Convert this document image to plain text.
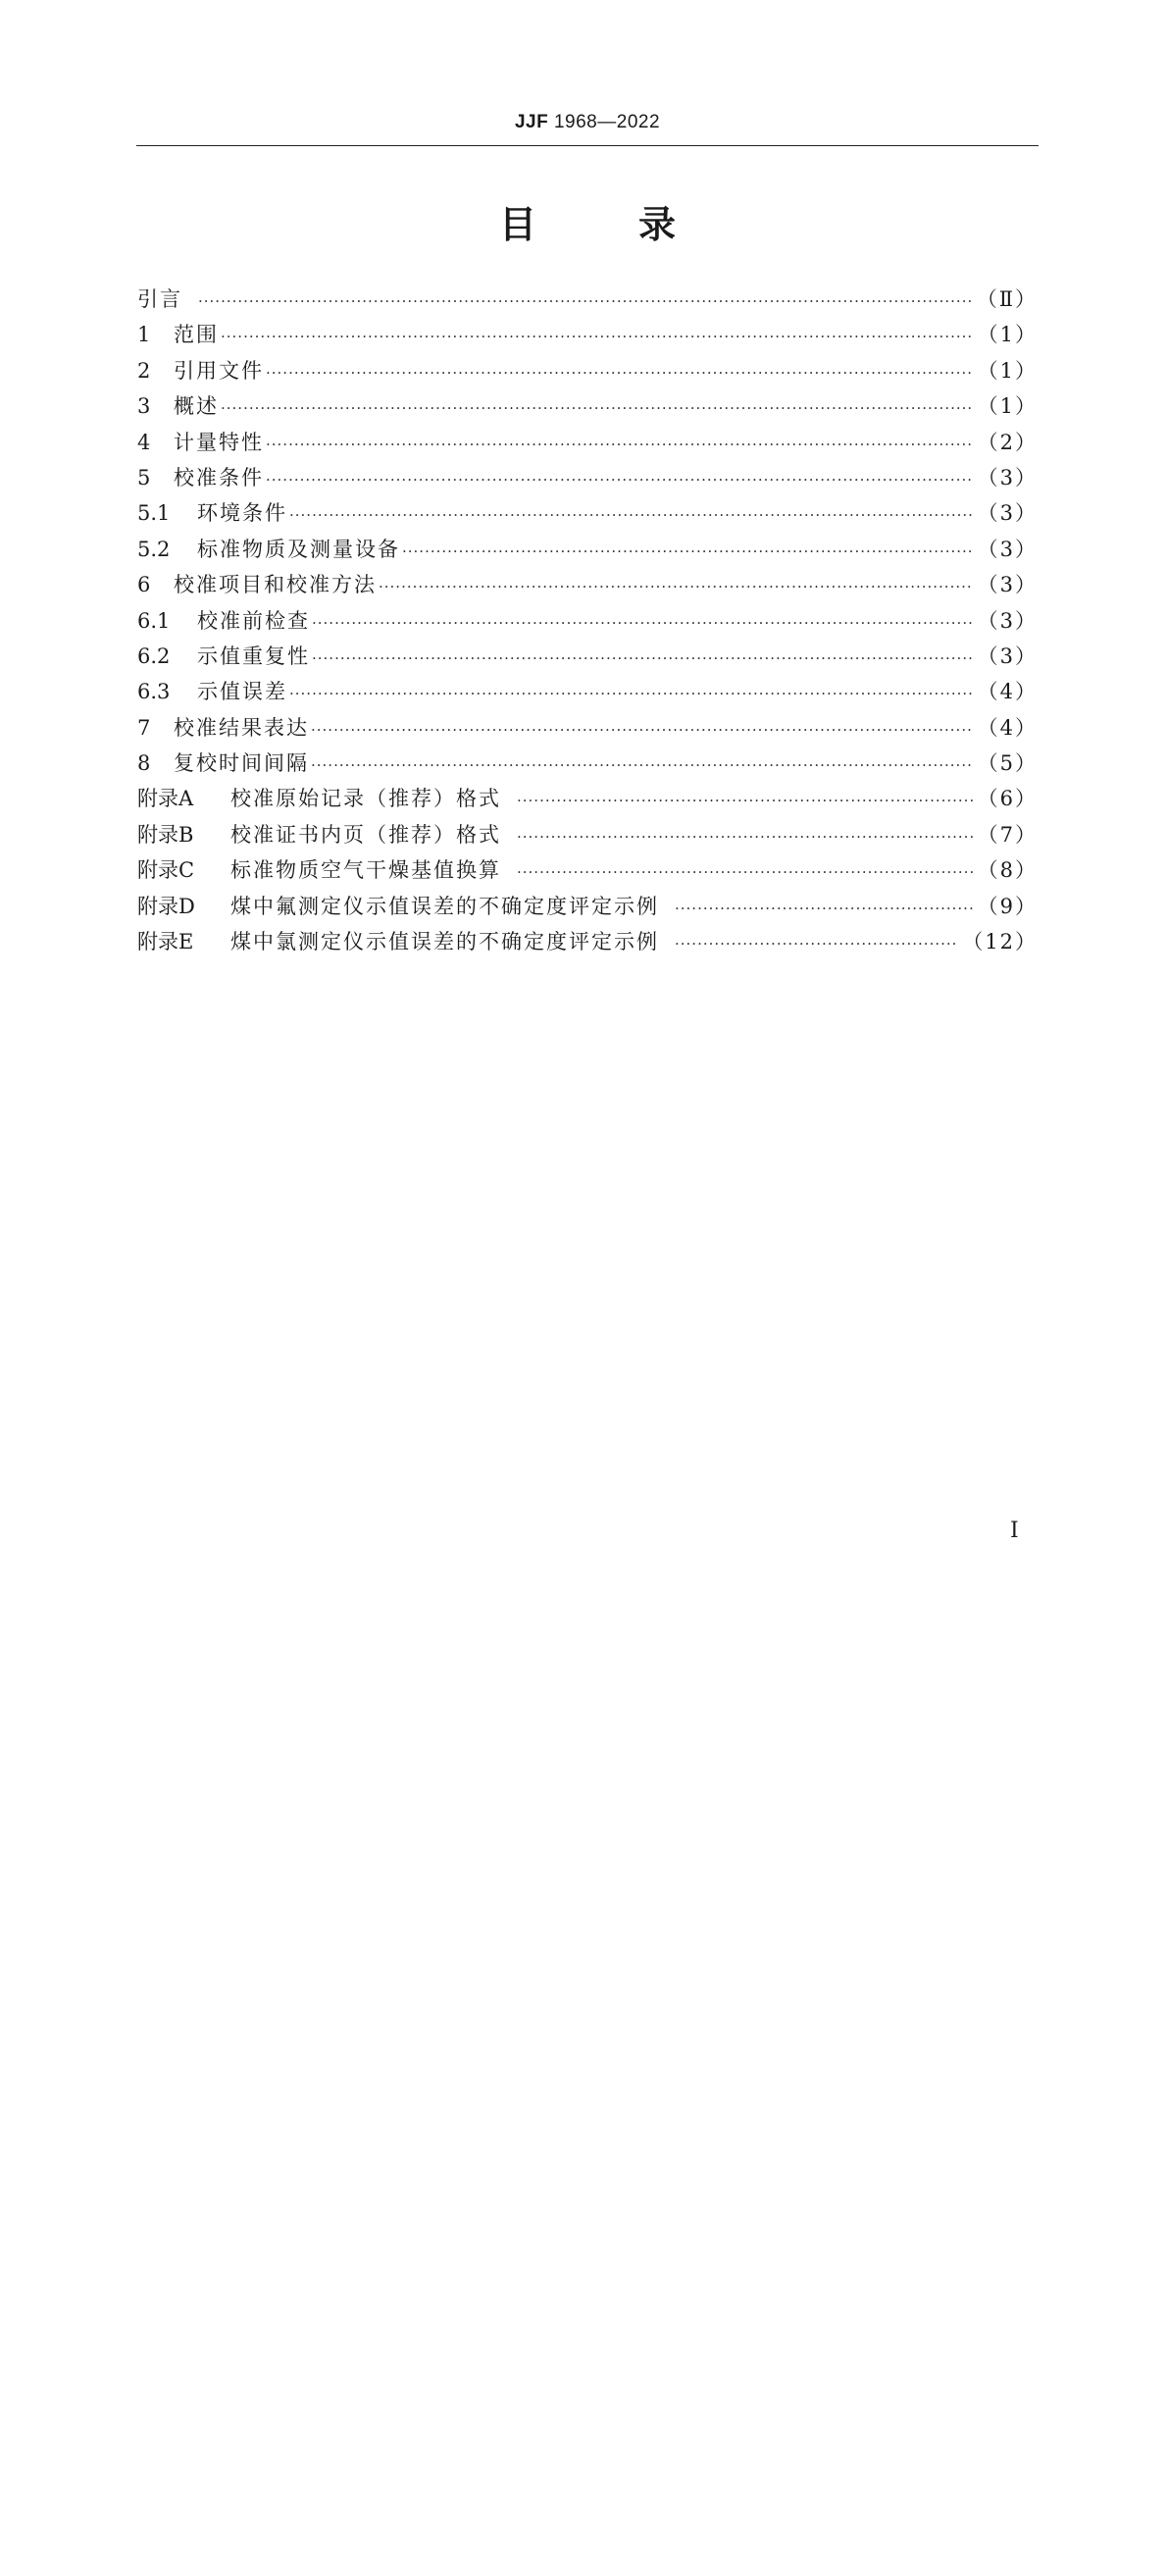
JJF 1968—2022
目	录
引言 ·····	（Ⅱ）
1	范围 ·····	（1）
2	引用文件 ·····	（1）
3	概述 ·····	（1）
4	计量特性 ·····	（2）
5	校准条件 ·····	（3）
5.1	环境条件 ·····	（3）
5.2	标准物质及测量设备 ·····	（3）
6	校准项目和校准方法 ·····	（3）
6.1	校准前检查 ·····	（3）
6.2	示值重复性 ·····	（3）
6.3	示值误差 ·····	（4）
7	校准结果表达 ·····	（4）
8	复校时间间隔 ·····	（5）
附录A	校准原始记录（推荐）格式 ·····	（6）
附录B	校准证书内页（推荐）格式 ·····	（7）
附录C	标准物质空气干燥基值换算 ·····	（8）
附录D	煤中氟测定仪示值误差的不确定度评定示例 ·····	（9）
附录E	煤中氯测定仪示值误差的不确定度评定示例 ·····	（12）
Ⅰ
